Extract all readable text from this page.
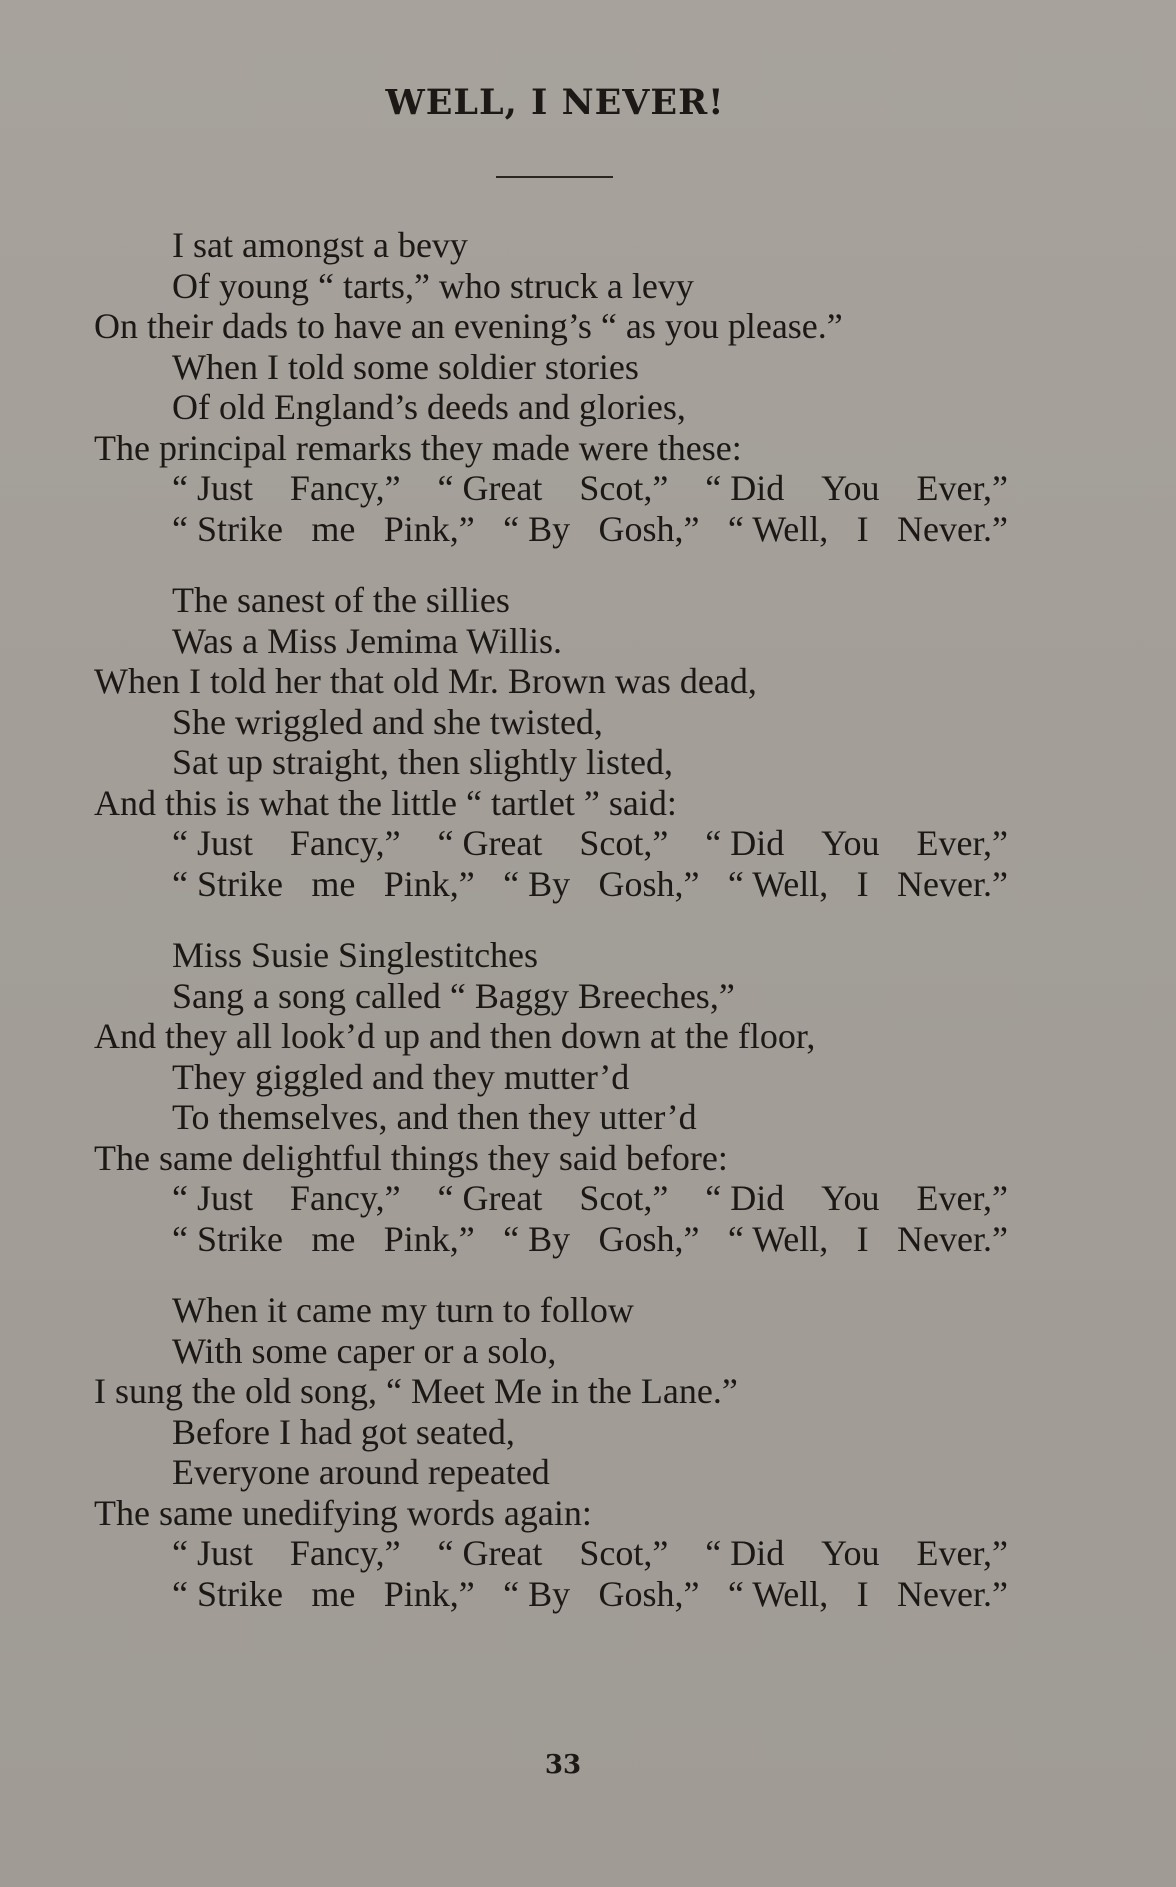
WELL, I NEVER!
I sat amongst a bevy
Of young “ tarts,” who struck a levy
On their dads to have an evening’s “ as you please.”
When I told some soldier stories
Of old England’s deeds and glories,
The principal remarks they made were these:
“ Just Fancy,” “ Great Scot,” “ Did You Ever,”
“ Strike me Pink,” “ By Gosh,” “ Well, I Never.”
The sanest of the sillies
Was a Miss Jemima Willis.
When I told her that old Mr. Brown was dead,
She wriggled and she twisted,
Sat up straight, then slightly listed,
And this is what the little “ tartlet ” said:
“ Just Fancy,” “ Great Scot,” “ Did You Ever,”
“ Strike me Pink,” “ By Gosh,” “ Well, I Never.”
Miss Susie Singlestitches
Sang a song called “ Baggy Breeches,”
And they all look’d up and then down at the floor,
They giggled and they mutter’d
To themselves, and then they utter’d
The same delightful things they said before:
“ Just Fancy,” “ Great Scot,” “ Did You Ever,”
“ Strike me Pink,” “ By Gosh,” “ Well, I Never.”
When it came my turn to follow
With some caper or a solo,
I sung the old song, “ Meet Me in the Lane.”
Before I had got seated,
Everyone around repeated
The same unedifying words again:
“ Just Fancy,” “ Great Scot,” “ Did You Ever,”
“ Strike me Pink,” “ By Gosh,” “ Well, I Never.”
33
